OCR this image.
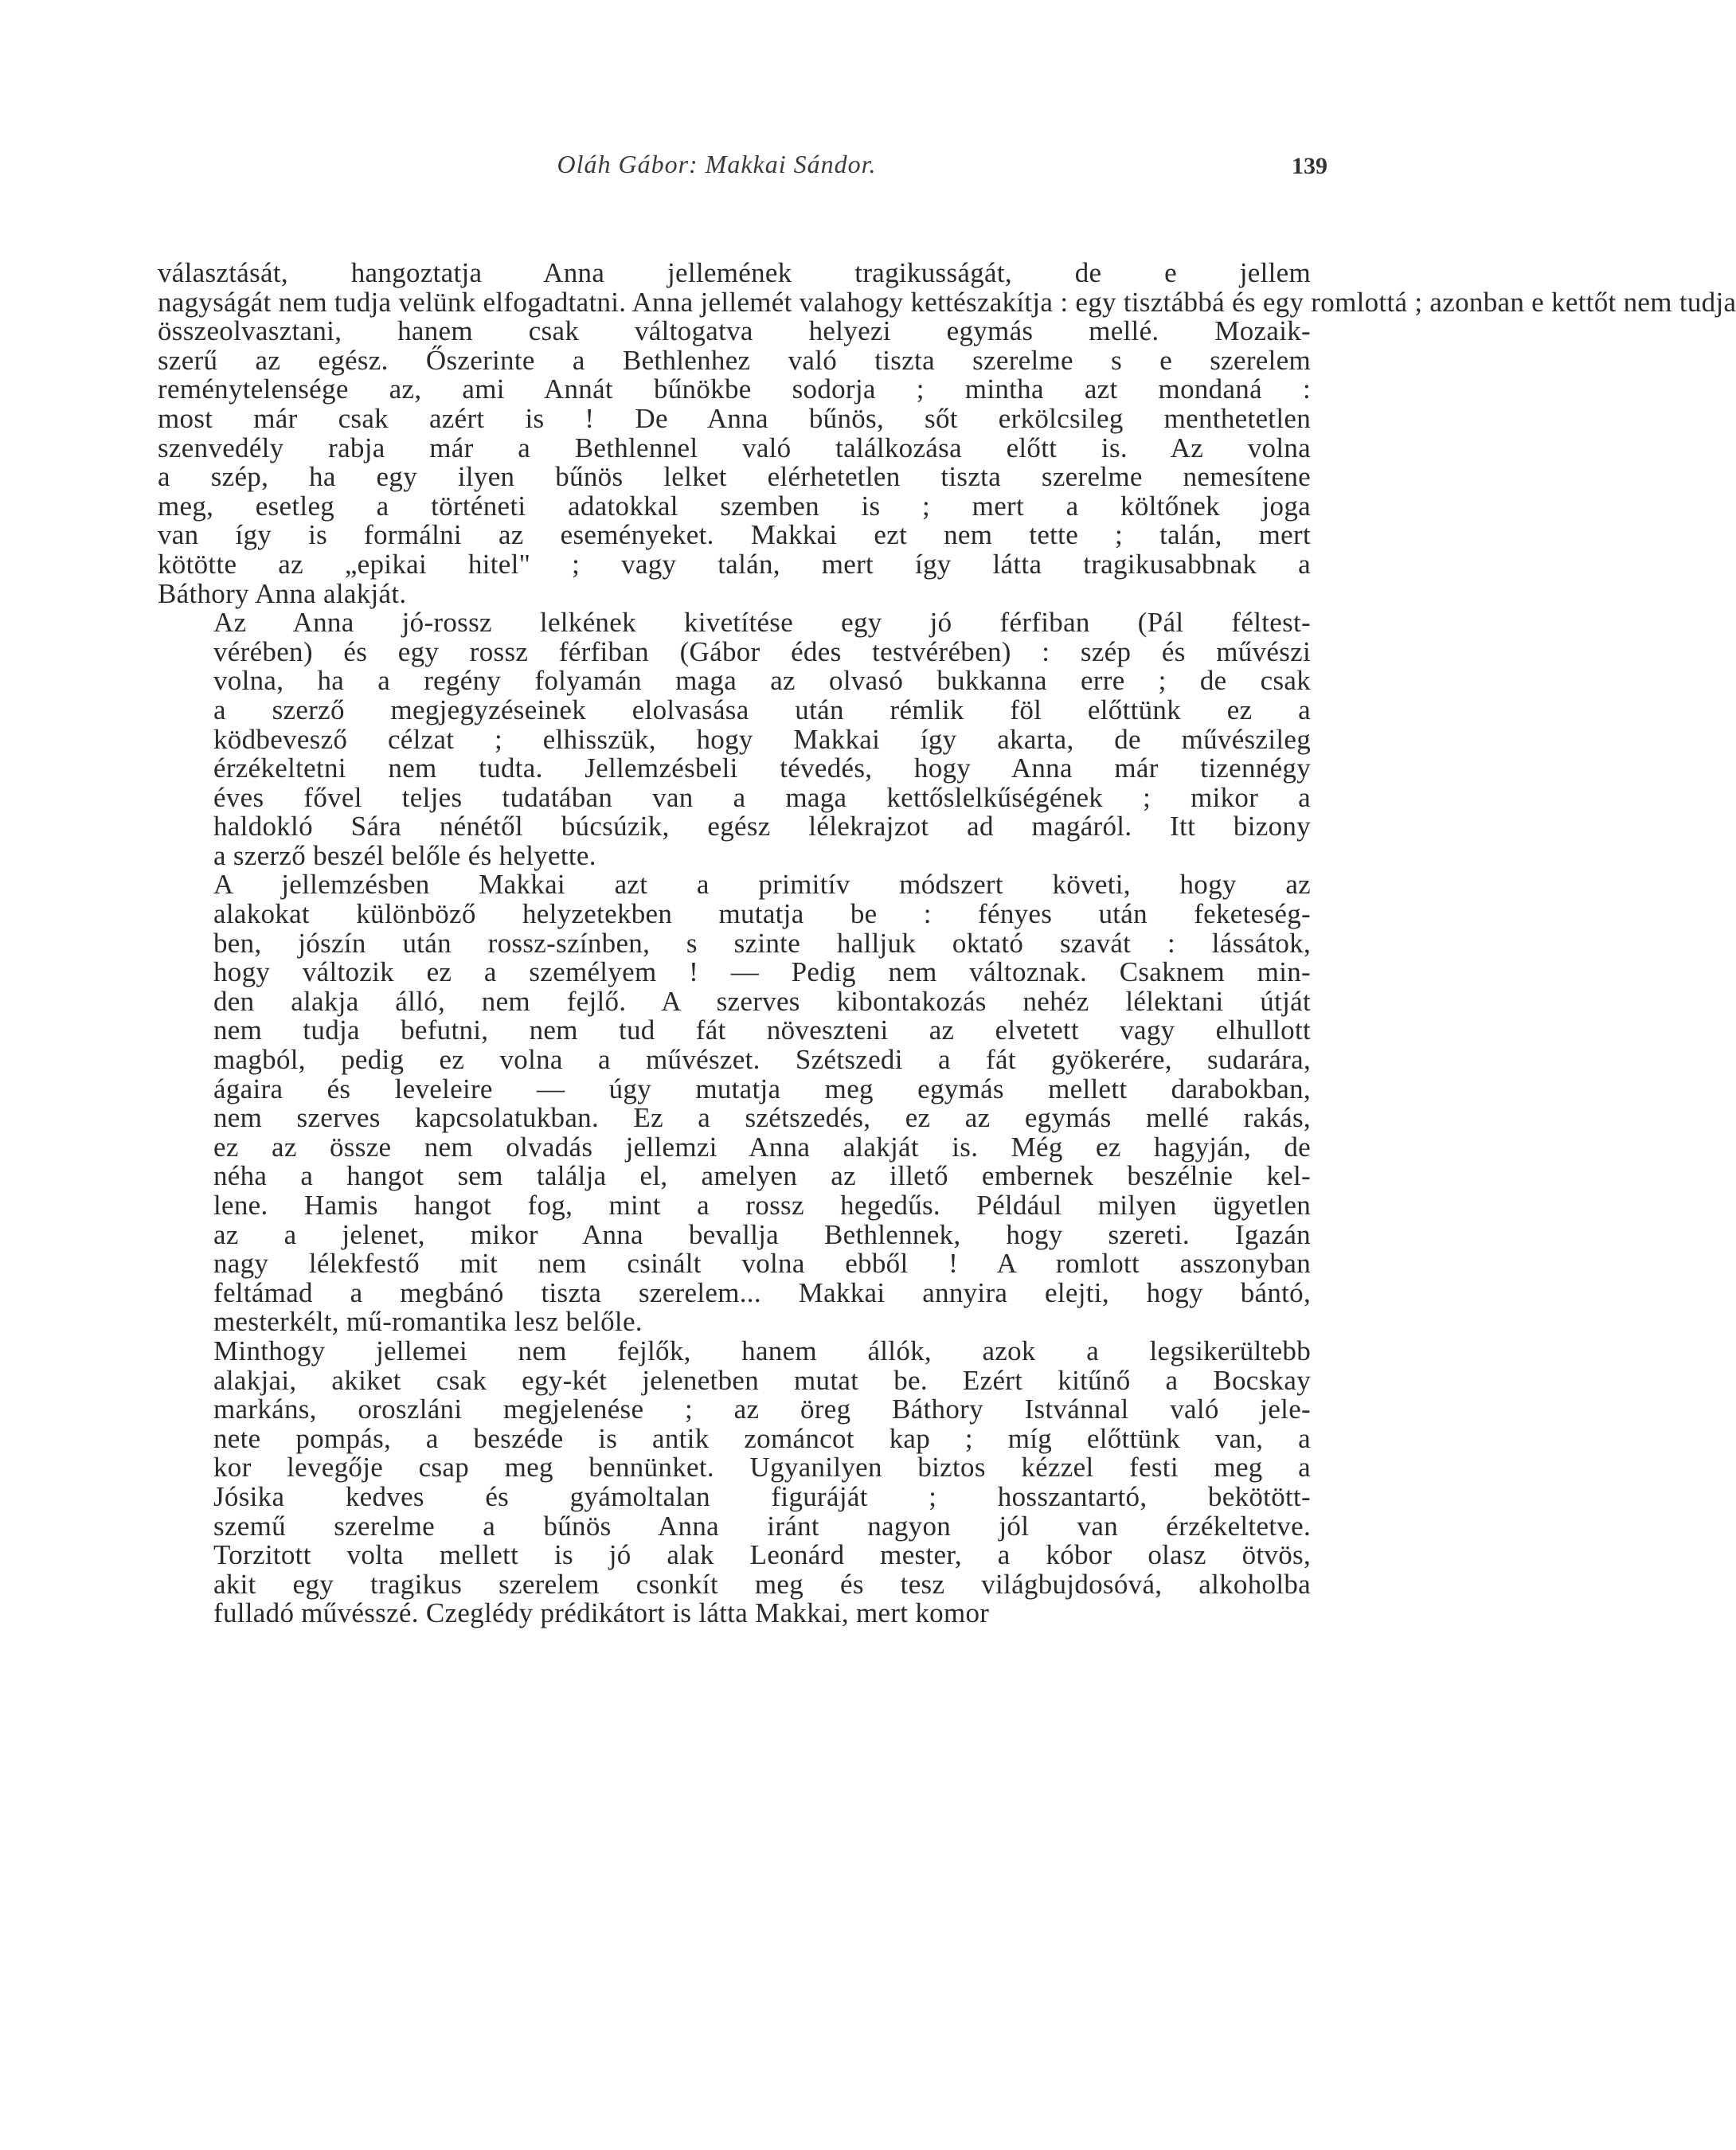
Oláh Gábor: Makkai Sándor.	139
választását, hangoztatja Anna jellemének tragikusságát, de e jellem
nagyságát nem tudja velünk elfogadtatni. Anna jellemét valahogy kettészakítja : egy tisztábbá és egy romlottá ; azonban e kettőt nem tudja
összeolvasztani, hanem csak váltogatva helyezi egymás mellé. Mozaik-
szerű az egész. Őszerinte a Bethlenhez való tiszta szerelme s e szerelem
reménytelensége az, ami Annát bűnökbe sodorja ; mintha azt mondaná :
most már csak azért is ! De Anna bűnös, sőt erkölcsileg menthetetlen
szenvedély rabja már a Bethlennel való találkozása előtt is. Az volna
a szép, ha egy ilyen bűnös lelket elérhetetlen tiszta szerelme nemesítene
meg, esetleg a történeti adatokkal szemben is ; mert a költőnek joga
van így is formálni az eseményeket. Makkai ezt nem tette ; talán, mert
kötötte az „epikai hitel" ; vagy talán, mert így látta tragikusabbnak a
Báthory Anna alakját.
Az Anna jó-rossz lelkének kivetítése egy jó férfiban (Pál féltest-
vérében) és egy rossz férfiban (Gábor édes testvérében) : szép és művészi
volna, ha a regény folyamán maga az olvasó bukkanna erre ; de csak
a szerző megjegyzéseinek elolvasása után rémlik föl előttünk ez a
ködbevesző célzat ; elhisszük, hogy Makkai így akarta, de művészileg
érzékeltetni nem tudta. Jellemzésbeli tévedés, hogy Anna már tizennégy
éves fővel teljes tudatában van a maga kettőslelkűségének ; mikor a
haldokló Sára nénétől búcsúzik, egész lélekrajzot ad magáról. Itt bizony
a szerző beszél belőle és helyette.
A jellemzésben Makkai azt a primitív módszert követi, hogy az
alakokat különböző helyzetekben mutatja be : fényes után feketeség-
ben, jószín után rossz-színben, s szinte halljuk oktató szavát : lássátok,
hogy változik ez a személyem ! — Pedig nem változnak. Csaknem min-
den alakja álló, nem fejlő. A szerves kibontakozás nehéz lélektani útját
nem tudja befutni, nem tud fát növeszteni az elvetett vagy elhullott
magból, pedig ez volna a művészet. Szétszedi a fát gyökerére, sudarára,
ágaira és leveleire — úgy mutatja meg egymás mellett darabokban,
nem szerves kapcsolatukban. Ez a szétszedés, ez az egymás mellé rakás,
ez az össze nem olvadás jellemzi Anna alakját is. Még ez hagyján, de
néha a hangot sem találja el, amelyen az illető embernek beszélnie kel-
lene. Hamis hangot fog, mint a rossz hegedűs. Például milyen ügyetlen
az a jelenet, mikor Anna bevallja Bethlennek, hogy szereti. Igazán
nagy lélekfestő mit nem csinált volna ebből ! A romlott asszonyban
feltámad a megbánó tiszta szerelem... Makkai annyira elejti, hogy bántó,
mesterkélt, mű-romantika lesz belőle.
Minthogy jellemei nem fejlők, hanem állók, azok a legsikerültebb
alakjai, akiket csak egy-két jelenetben mutat be. Ezért kitűnő a Bocskay
markáns, oroszláni megjelenése ; az öreg Báthory Istvánnal való jele-
nete pompás, a beszéde is antik zománcot kap ; míg előttünk van, a
kor levegője csap meg bennünket. Ugyanilyen biztos kézzel festi meg a
Jósika kedves és gyámoltalan figuráját ; hosszantartó, bekötött-
szemű szerelme a bűnös Anna iránt nagyon jól van érzékeltetve.
Torzitott volta mellett is jó alak Leonárd mester, a kóbor olasz ötvös,
akit egy tragikus szerelem csonkít meg és tesz világbujdosóvá, alkoholba
fulladó művésszé. Czeglédy prédikátort is látta Makkai, mert komor
